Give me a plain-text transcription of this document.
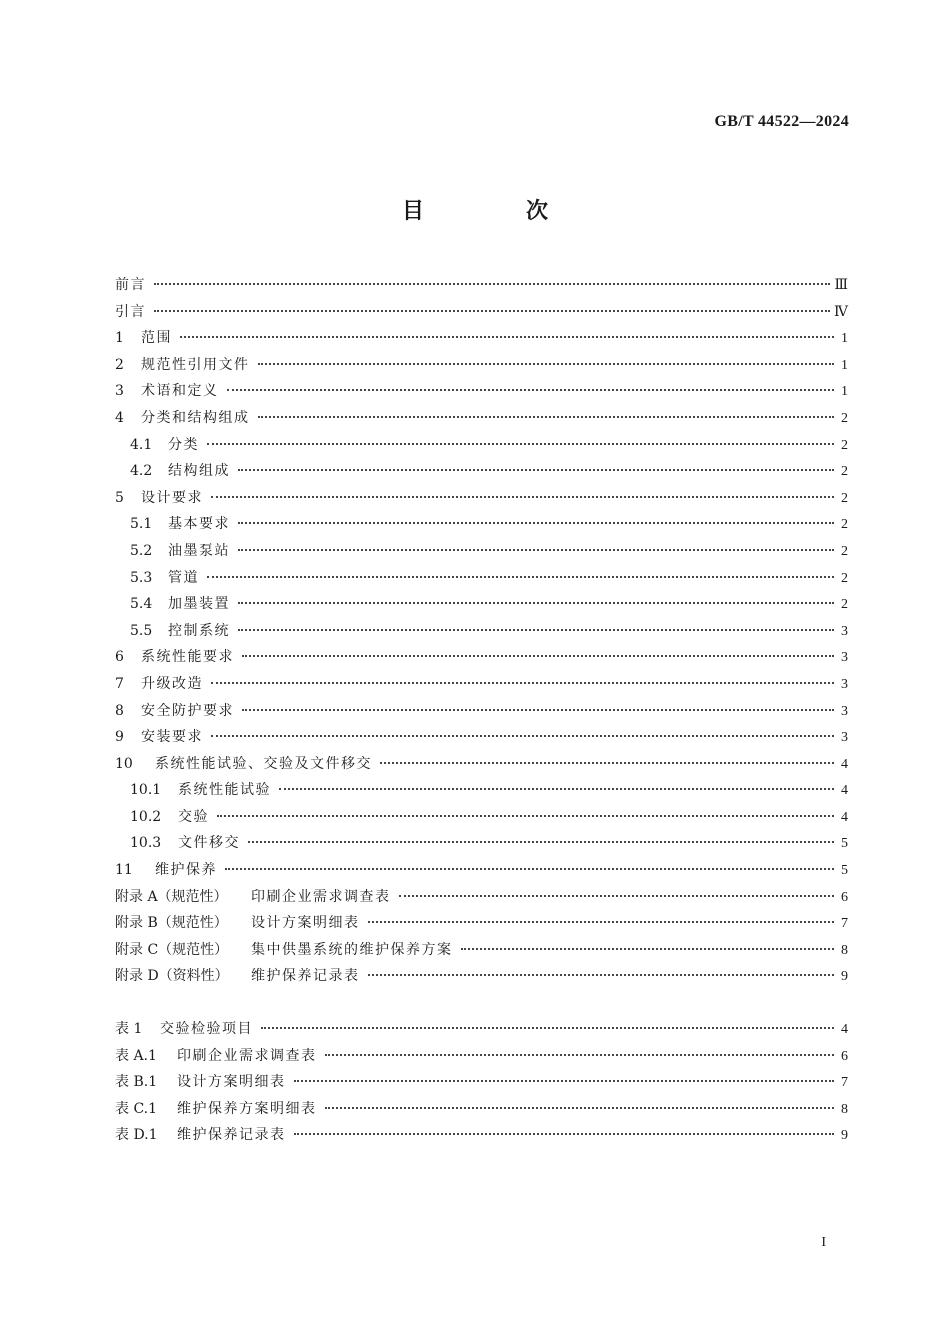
GB/T 44522—2024
目　次
前言	Ⅲ
引言	Ⅳ
1	范围	1
2	规范性引用文件	1
3	术语和定义	1
4	分类和结构组成	2
4.1	分类	2
4.2	结构组成	2
5	设计要求	2
5.1	基本要求	2
5.2	油墨泵站	2
5.3	管道	2
5.4	加墨装置	2
5.5	控制系统	3
6	系统性能要求	3
7	升级改造	3
8	安全防护要求	3
9	安装要求	3
10	系统性能试验、交验及文件移交	4
10.1	系统性能试验	4
10.2	交验	4
10.3	文件移交	5
11	维护保养	5
附录 A（规范性）	印刷企业需求调查表	6
附录 B（规范性）	设计方案明细表	7
附录 C（规范性）	集中供墨系统的维护保养方案	8
附录 D（资料性）	维护保养记录表	9
表 1	交验检验项目	4
表 A.1	印刷企业需求调查表	6
表 B.1	设计方案明细表	7
表 C.1	维护保养方案明细表	8
表 D.1	维护保养记录表	9
I
